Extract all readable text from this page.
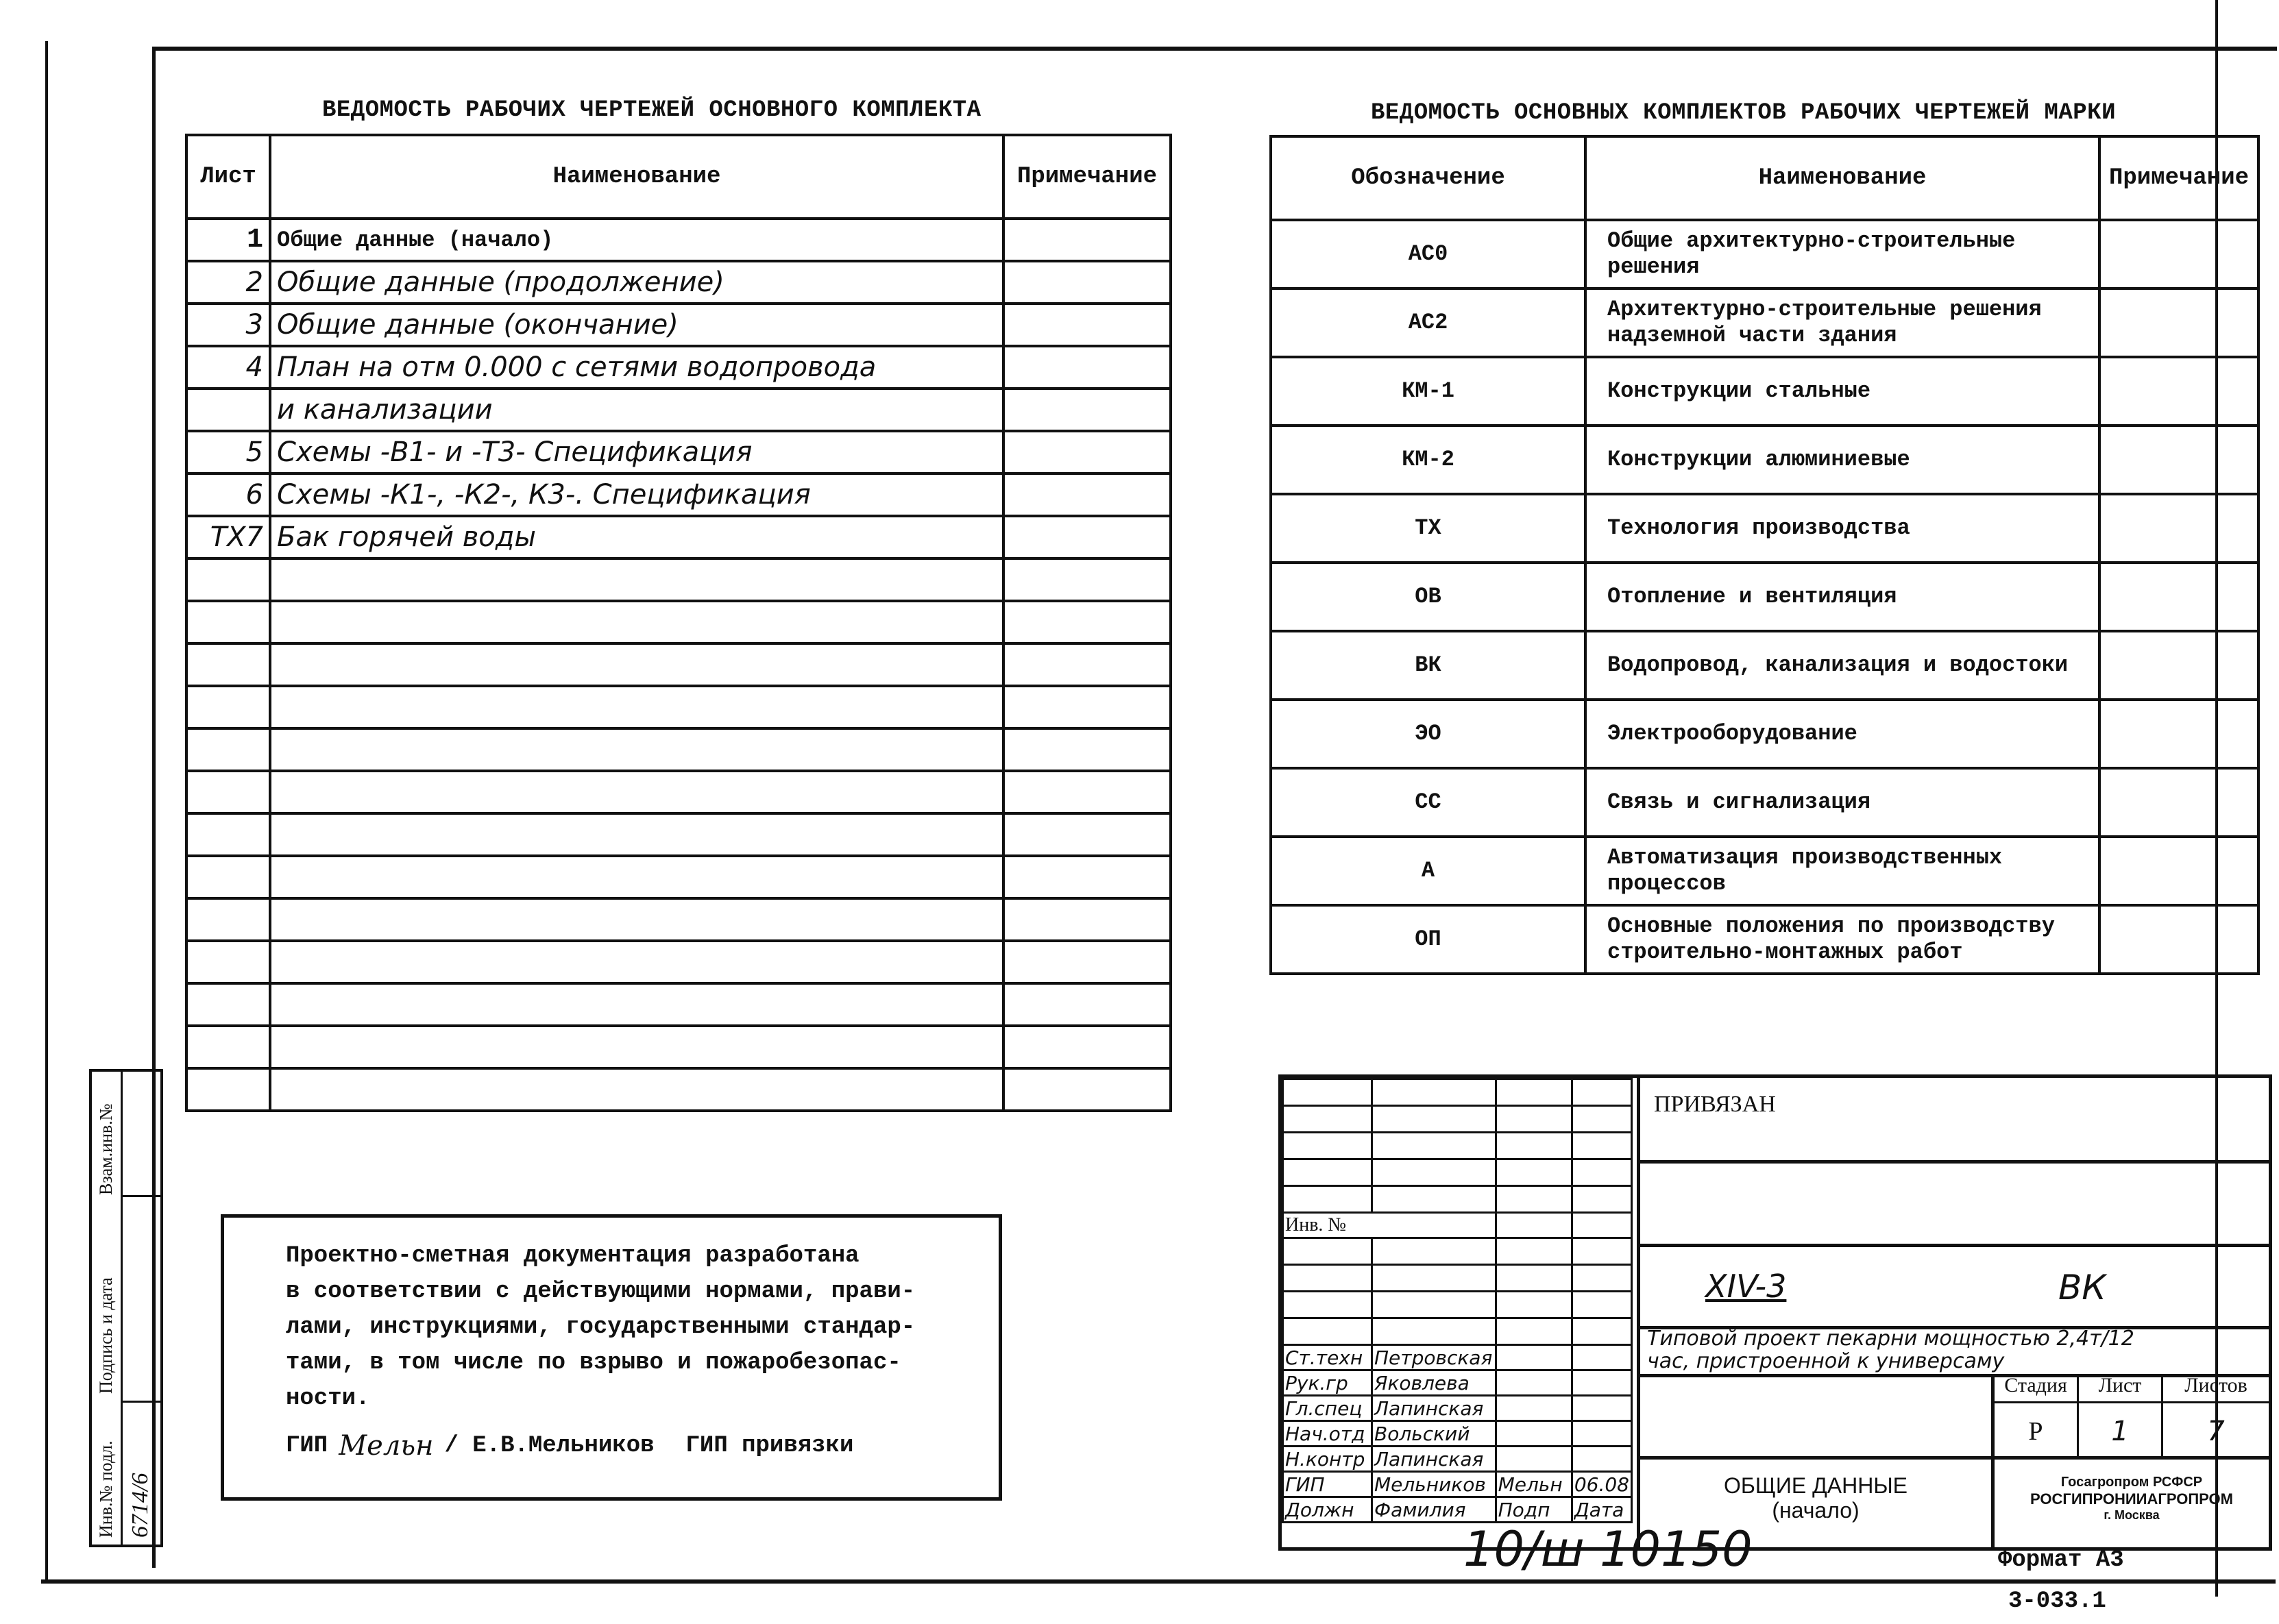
ВЕДОМОСТЬ РАБОЧИХ ЧЕРТЕЖЕЙ ОСНОВНОГО КОМПЛЕКТА
Лист	Наименование	Примечание
1	Общие данные (начало)	
2	Общие данные (продолжение)	
3	Общие данные (окончание)	
4	План на отм 0.000 с сетями водопровода	
	и канализации	
5	Схемы -В1- и -Т3- Спецификация	
6	Схемы -К1-, -К2-, К3-. Спецификация	
ТХ7	Бак горячей воды	

ВЕДОМОСТЬ ОСНОВНЫХ КОМПЛЕКТОВ РАБОЧИХ ЧЕРТЕЖЕЙ МАРКИ
Обозначение	Наименование	Примечание
АС0	Общие архитектурно-строительные решения	
АС2	Архитектурно-строительные решения надземной части здания	
КМ-1	Конструкции стальные	
КМ-2	Конструкции алюминиевые	
ТХ	Технология производства	
ОВ	Отопление и вентиляция	
ВК	Водопровод, канализация и водостоки	
ЭО	Электрооборудование	
СС	Связь и сигнализация	
А	Автоматизация производственных процессов	
ОП	Основные положения по производству строительно-монтажных работ	
Проектно-сметная документация разработана
в соответствии с действующими нормами, прави-
лами, инструкциями, государственными стандар-
тами, в том числе по взрыво и пожаробезопас-
ности.
ГИП Мельн / Е.В.Мельников ГИП привязки
Инв.№ подл.
Подпись и дата
Взам.инв.№
6714/6

Инв. №			

Ст.техн	Петровская		
Рук.гр	Яковлева		
Гл.спец	Лапинская		
Нач.отд	Вольский		
Н.контр	Лапинская		
ГИП	Мельников	Мельн	06.08
Должн	Фамилия	Подп	Дата
ПРИВЯЗАН
XIV-3	ВК
Типовой проект пекарни мощностью 2,4т/12 час, пристроенной к универсаму
ОБЩИЕ ДАННЫЕ
(начало)
Стадия	Лист	Листов
Р	1	7
Госагропром РСФСР
РОСГИПРОНИИАГРОПРОМ
г. Москва
10/ш 10150	Формат А3
3-033.1
